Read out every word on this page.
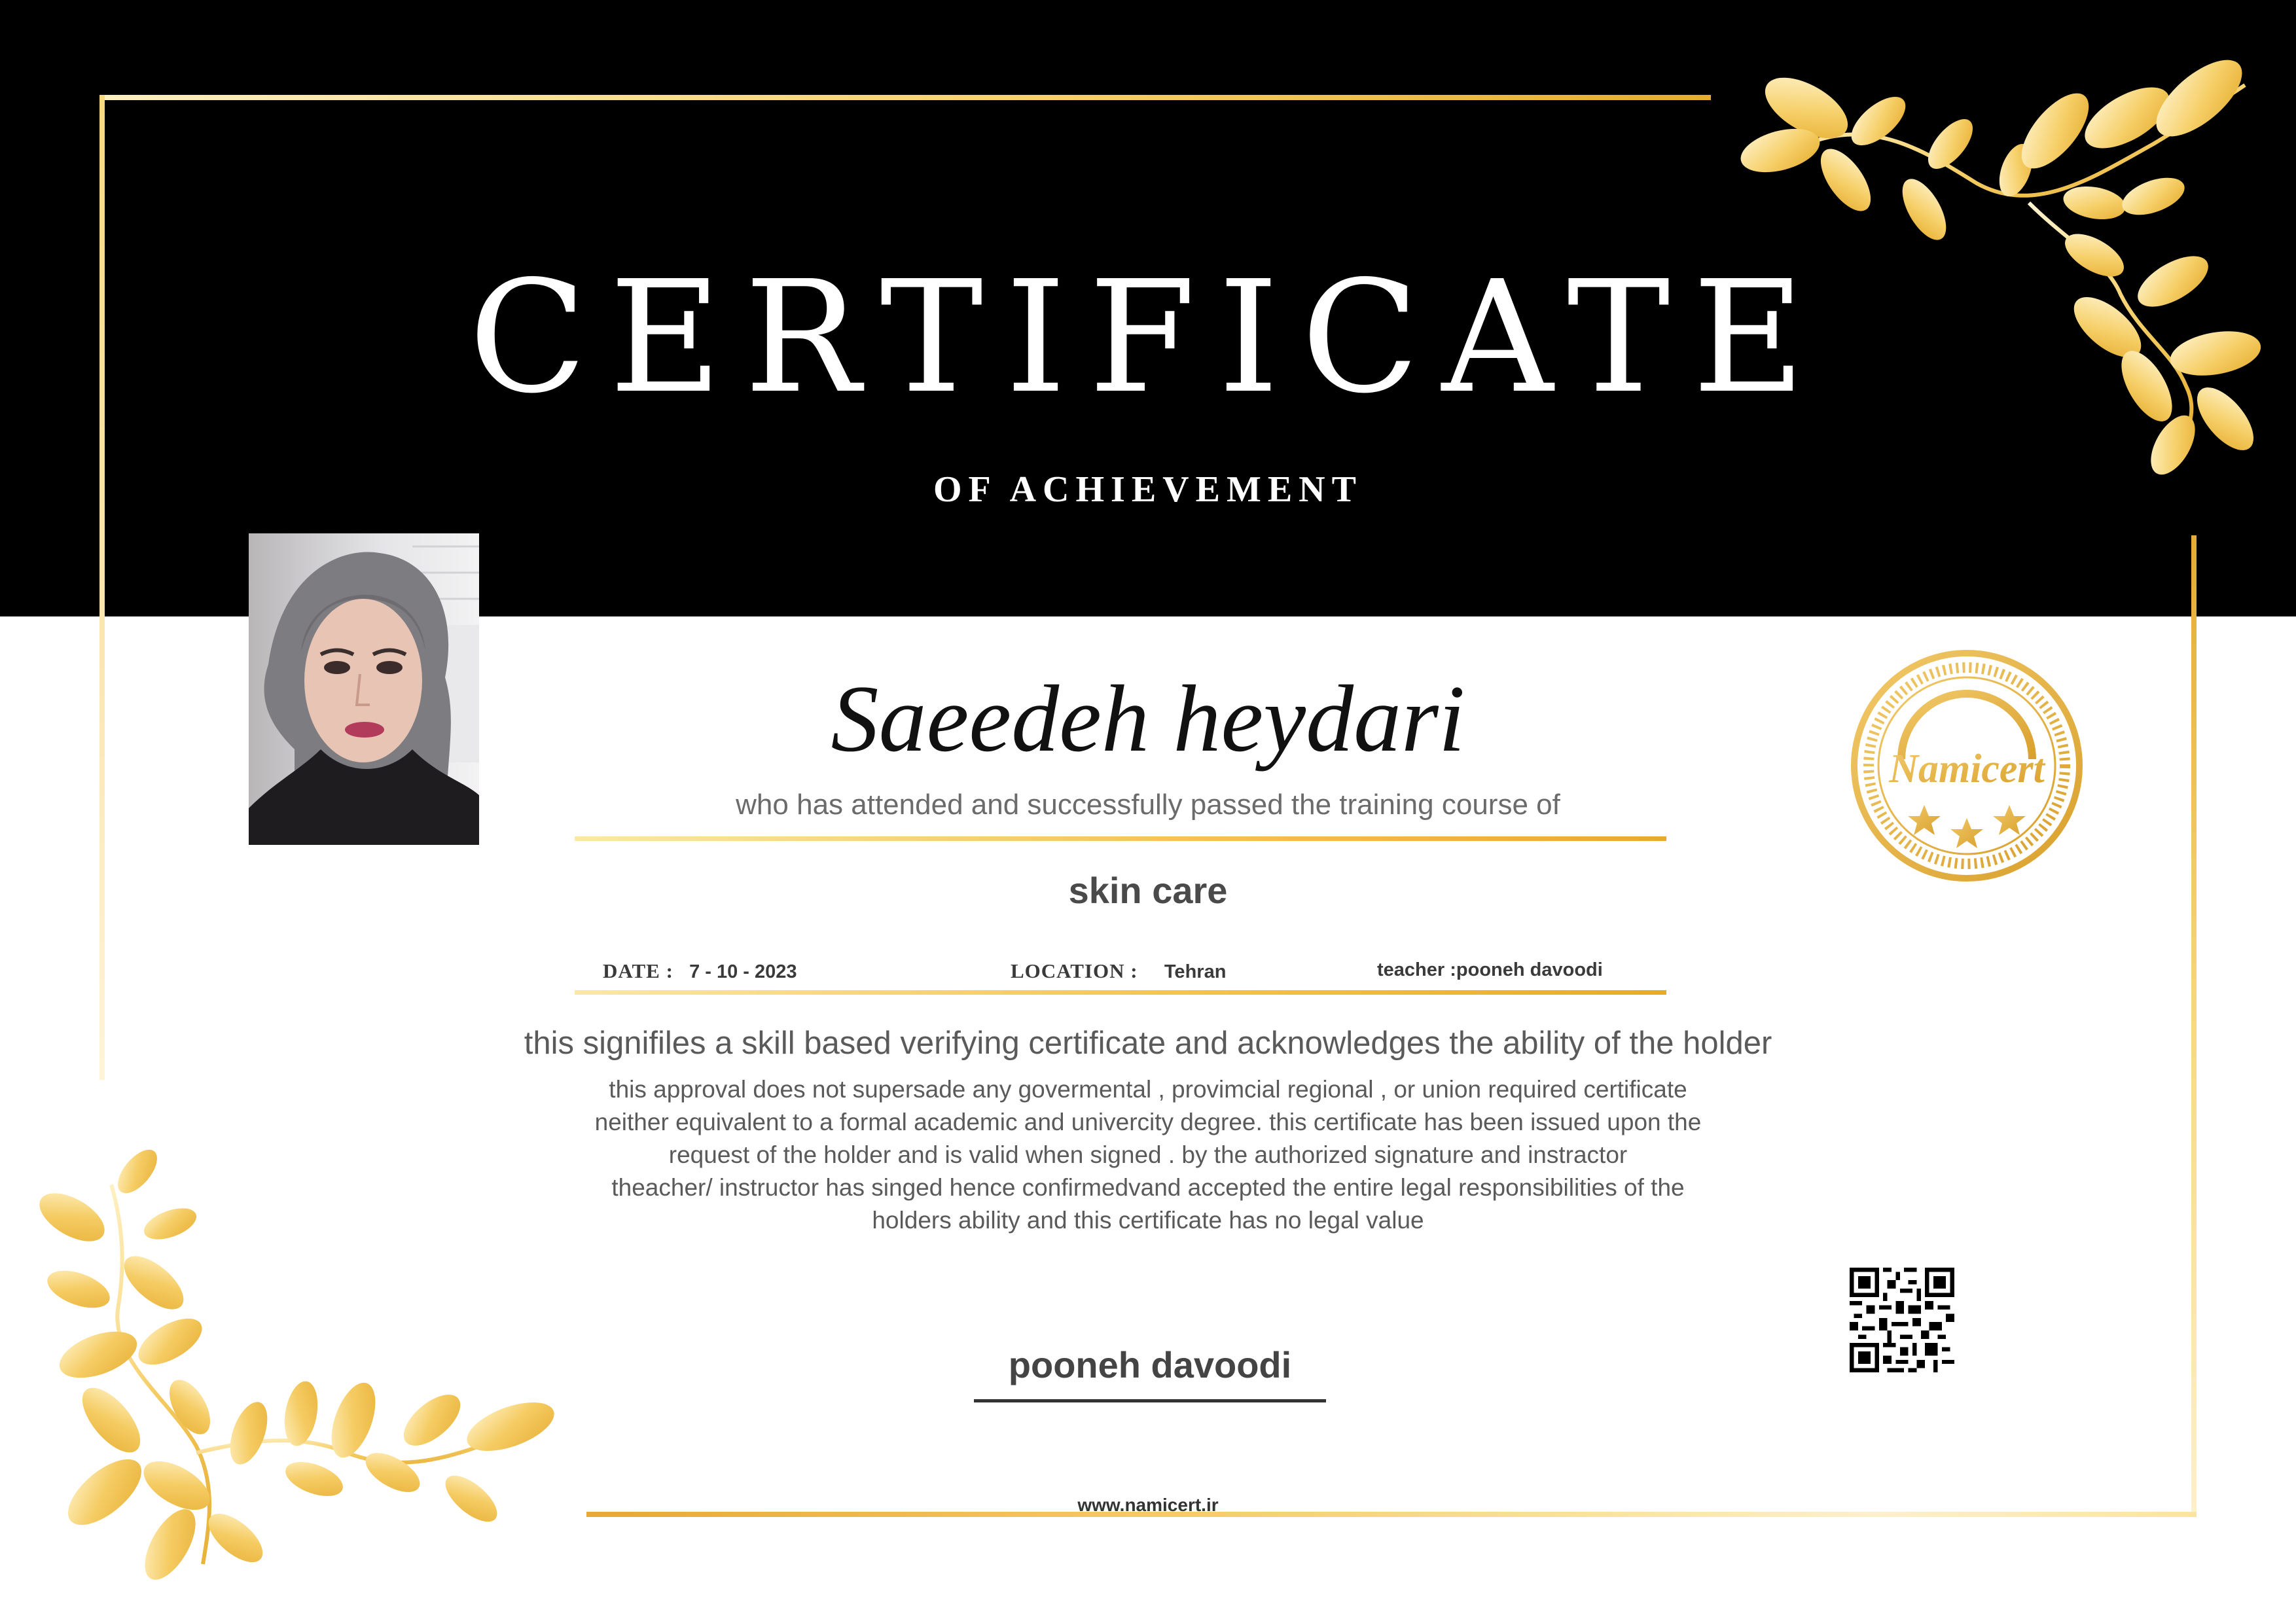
CERTIFICATE
OF ACHIEVEMENT
Saeedeh heydari
who has attended and successfully passed the training course of
skin care
DATE : 7 - 10 - 2023	LOCATION : Tehran	teacher :pooneh davoodi
this signifiles a skill based verifying certificate and acknowledges the ability of the holder
this approval does not supersade any govermental , provimcial regional , or union required certificate
neither equivalent to a formal academic and univercity degree. this certificate has been issued upon the
request of the holder and is valid when signed . by the authorized signature and instractor
theacher/ instructor has singed hence confirmedvand accepted the entire legal responsibilities of the
holders ability and this certificate has no legal value
Namicert
pooneh davoodi
www.namicert.ir
